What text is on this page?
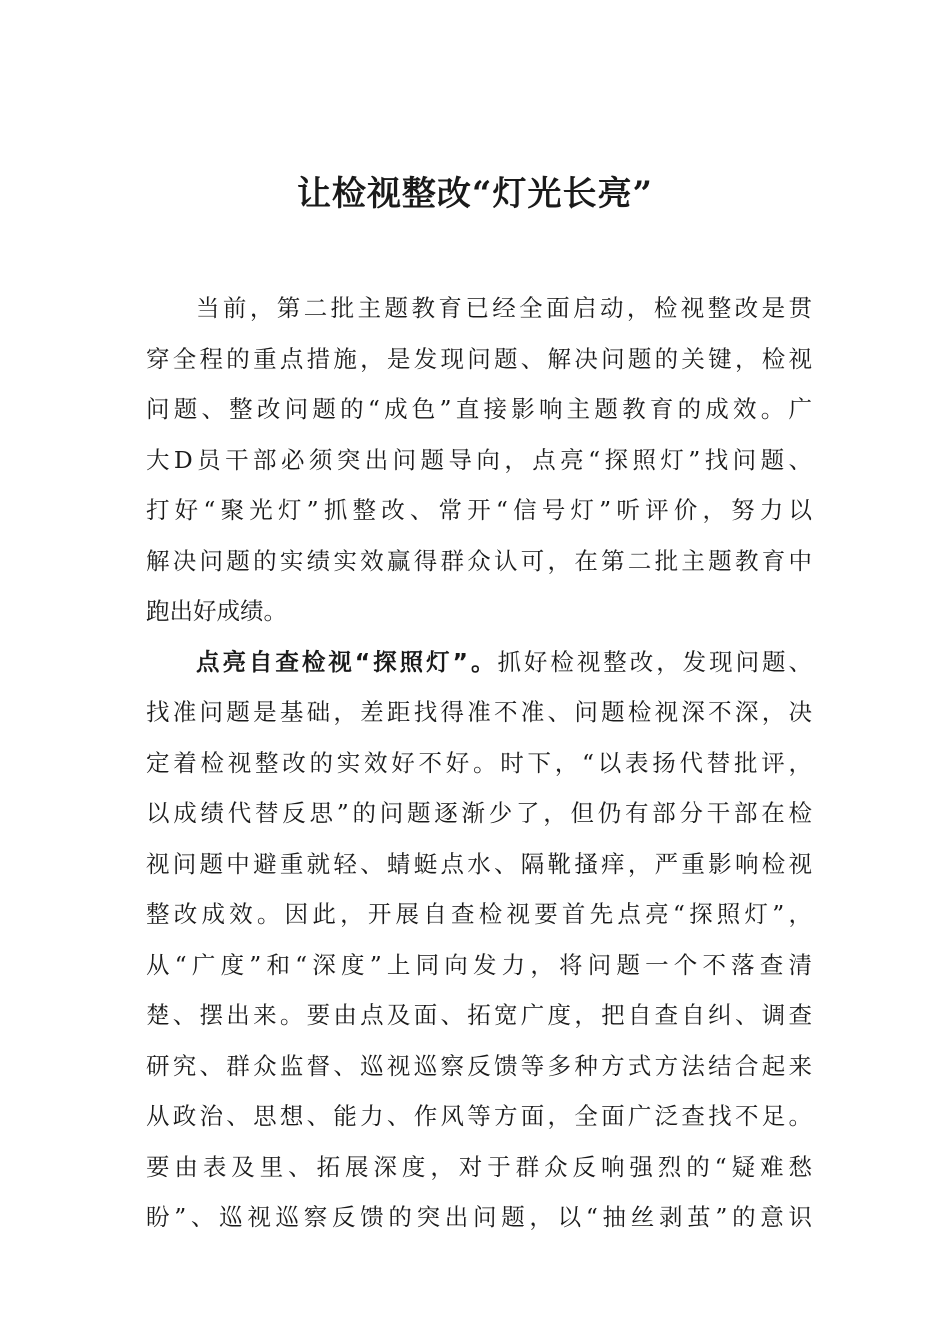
让检视整改“灯光长亮”
当前，第二批主题教育已经全面启动，检视整改是贯
穿全程的重点措施，是发现问题、解决问题的关键，检视
问题、整改问题的“成色”直接影响主题教育的成效。广
大D员干部必须突出问题导向，点亮“探照灯”找问题、
打好“聚光灯”抓整改、常开“信号灯”听评价，努力以
解决问题的实绩实效赢得群众认可，在第二批主题教育中
跑出好成绩。
点亮自查检视“探照灯”。抓好检视整改，发现问题、
找准问题是基础，差距找得准不准、问题检视深不深，决
定着检视整改的实效好不好。时下，“以表扬代替批评，
以成绩代替反思”的问题逐渐少了，但仍有部分干部在检
视问题中避重就轻、蜻蜓点水、隔靴搔痒，严重影响检视
整改成效。因此，开展自查检视要首先点亮“探照灯”，
从“广度”和“深度”上同向发力，将问题一个不落查清
楚、摆出来。要由点及面、拓宽广度，把自查自纠、调查
研究、群众监督、巡视巡察反馈等多种方式方法结合起来
从政治、思想、能力、作风等方面，全面广泛查找不足。
要由表及里、拓展深度，对于群众反响强烈的“疑难愁
盼”、巡视巡察反馈的突出问题，以“抽丝剥茧”的意识
